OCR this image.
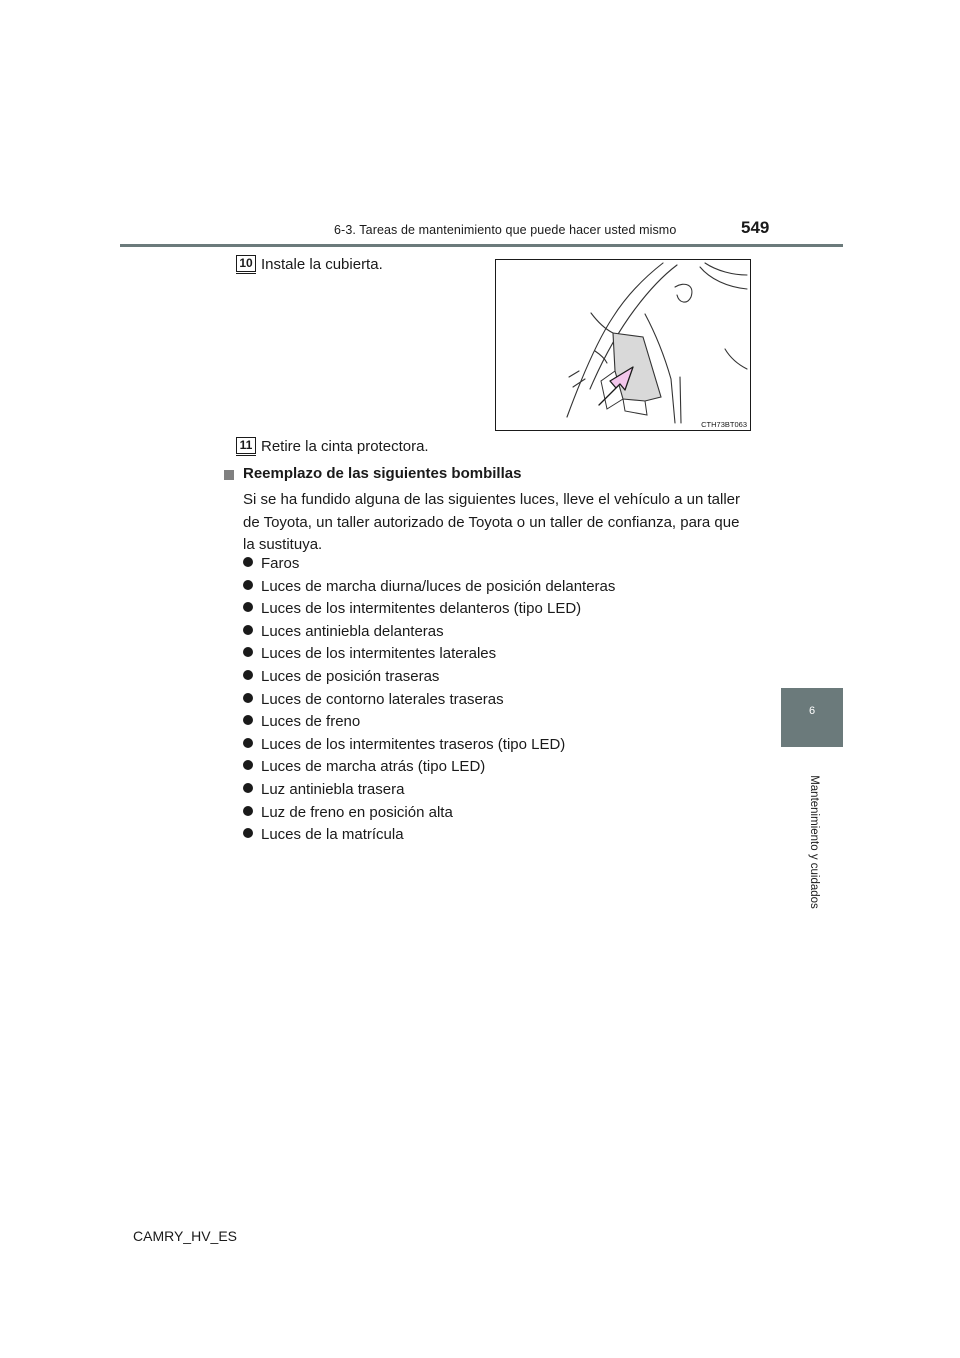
6-3. Tareas de mantenimiento que puede hacer usted mismo	549
6
Mantenimiento y cuidados
10 Instale la cubierta.
CTH73BT063
11 Retire la cinta protectora.
Reemplazo de las siguientes bombillas
Si se ha fundido alguna de las siguientes luces, lleve el vehículo a un taller de Toyota, un taller autorizado de Toyota o un taller de confianza, para que la sustituya.
Faros
Luces de marcha diurna/luces de posición delanteras
Luces de los intermitentes delanteros (tipo LED)
Luces antiniebla delanteras
Luces de los intermitentes laterales
Luces de posición traseras
Luces de contorno laterales traseras
Luces de freno
Luces de los intermitentes traseros (tipo LED)
Luces de marcha atrás (tipo LED)
Luz antiniebla trasera
Luz de freno en posición alta
Luces de la matrícula
CAMRY_HV_ES
